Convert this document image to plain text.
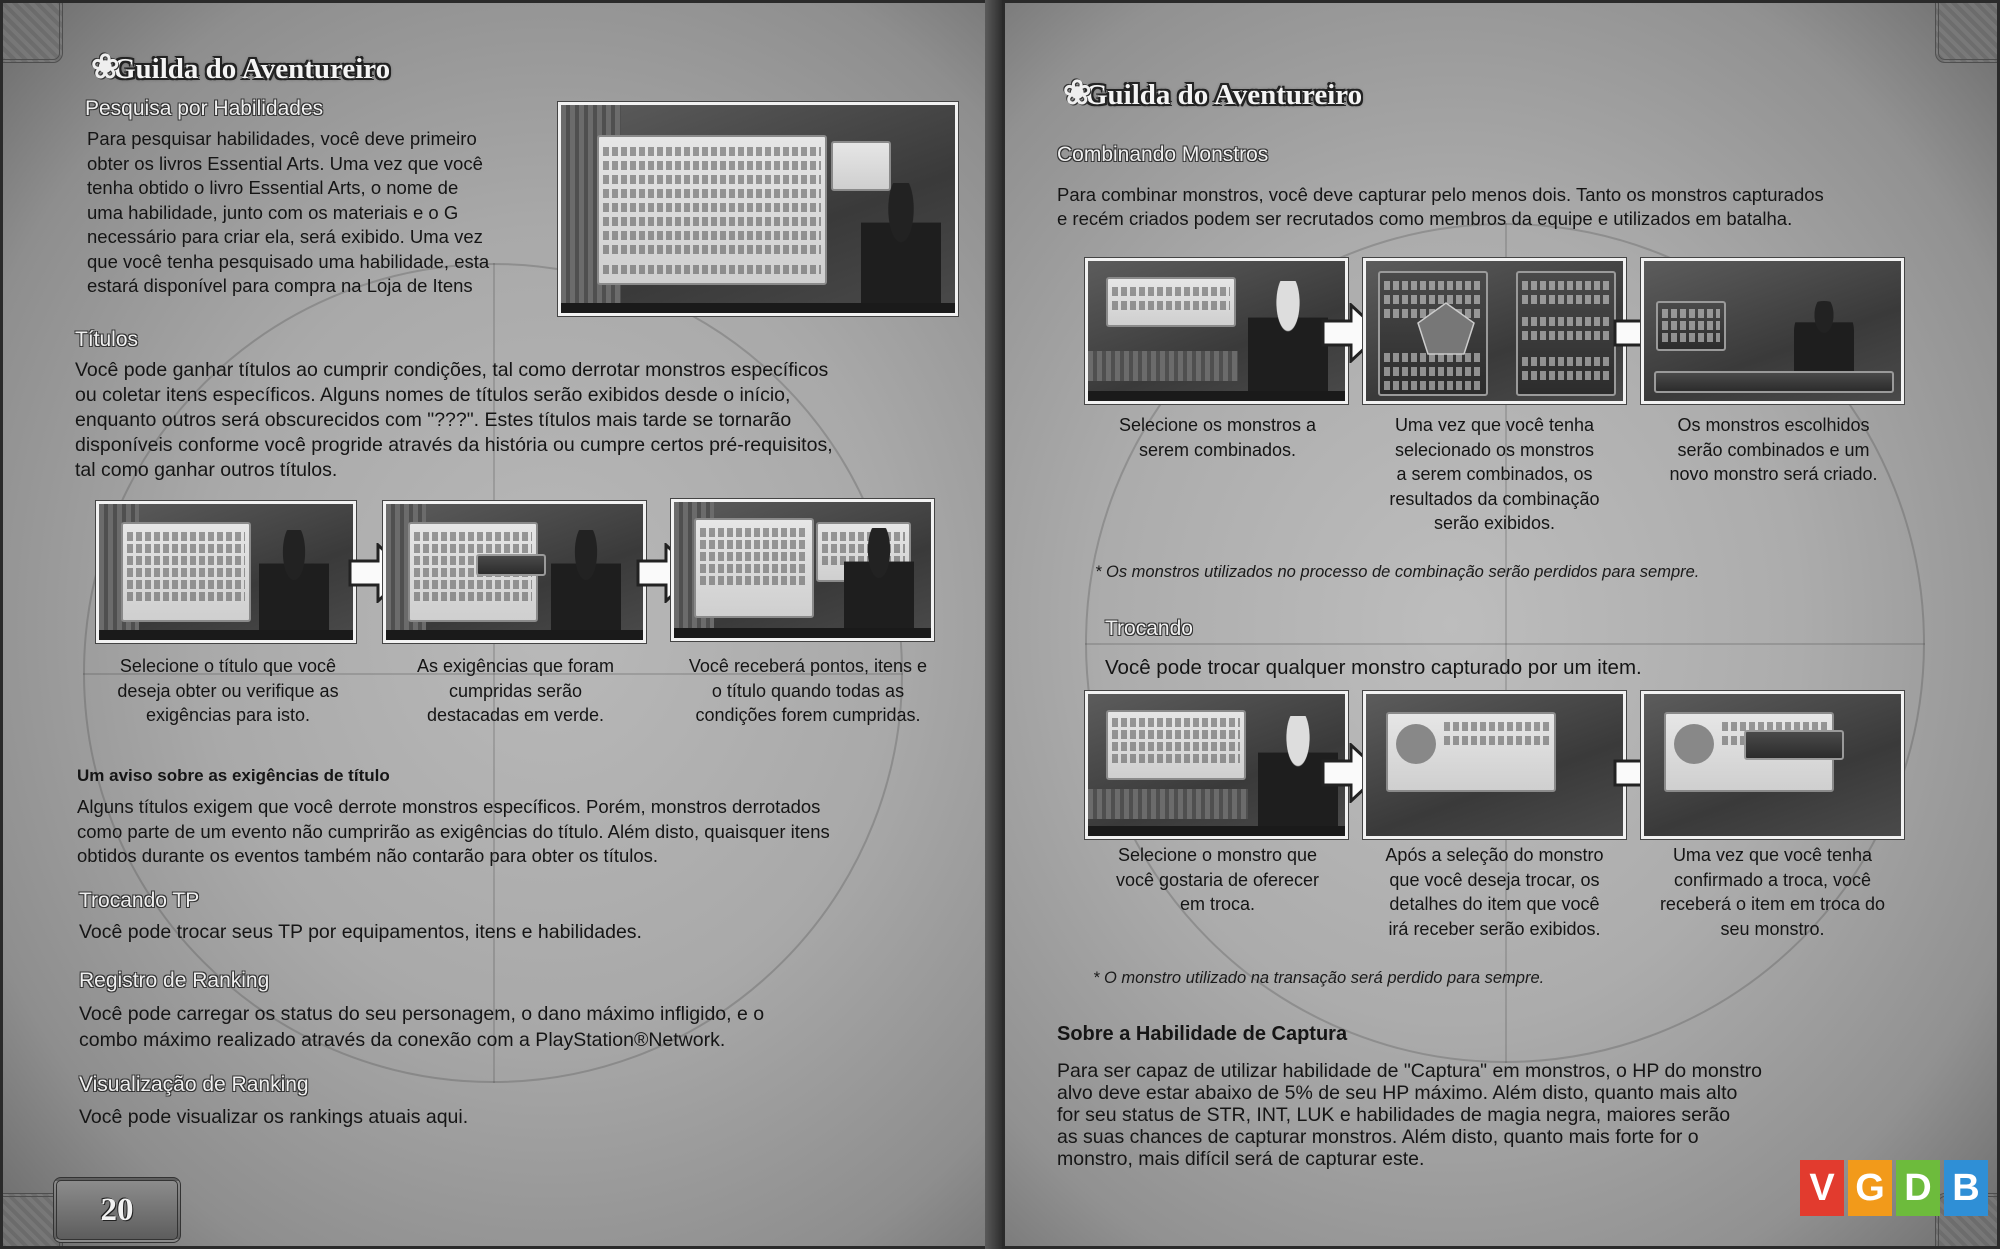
❀
Guilda do Aventureiro
Pesquisa por Habilidades
Para pesquisar habilidades, você deve primeiro
obter os livros Essential Arts. Uma vez que você
tenha obtido o livro Essential Arts, o nome de
uma habilidade, junto com os materiais e o G
necessário para criar ela, será exibido. Uma vez
que você tenha pesquisado uma habilidade, esta
estará disponível para compra na Loja de Itens
Títulos
Você pode ganhar títulos ao cumprir condições, tal como derrotar monstros específicos
ou coletar itens específicos. Alguns nomes de títulos serão exibidos desde o início,
enquanto outros será obscurecidos com "???". Estes títulos mais tarde se tornarão
disponíveis conforme você progride através da história ou cumpre certos pré-requisitos,
tal como ganhar outros títulos.
Selecione o título que você
deseja obter ou verifique as
exigências para isto.
As exigências que foram
cumpridas serão
destacadas em verde.
Você receberá pontos, itens e
o título quando todas as
condições forem cumpridas.
Um aviso sobre as exigências de título
Alguns títulos exigem que você derrote monstros específicos. Porém, monstros derrotados
como parte de um evento não cumprirão as exigências do título. Além disto, quaisquer itens
obtidos durante os eventos também não contarão para obter os títulos.
Trocando TP
Você pode trocar seus TP por equipamentos, itens e habilidades.
Registro de Ranking
Você pode carregar os status do seu personagem, o dano máximo infligido, e o
combo máximo realizado através da conexão com a PlayStation®Network.
Visualização de Ranking
Você pode visualizar os rankings atuais aqui.
20
❀
Guilda do Aventureiro
Combinando Monstros
Para combinar monstros, você deve capturar pelo menos dois. Tanto os monstros capturados
e recém criados podem ser recrutados como membros da equipe e utilizados em batalha.
Selecione os monstros a
serem combinados.
Uma vez que você tenha
selecionado os monstros
a serem combinados, os
resultados da combinação
serão exibidos.
Os monstros escolhidos
serão combinados e um
novo monstro será criado.
* Os monstros utilizados no processo de combinação serão perdidos para sempre.
Trocando
Você pode trocar qualquer monstro capturado por um item.
Selecione o monstro que
você gostaria de oferecer
em troca.
Após a seleção do monstro
que você deseja trocar, os
detalhes do item que você
irá receber serão exibidos.
Uma vez que você tenha
confirmado a troca, você
receberá o item em troca do
seu monstro.
* O monstro utilizado na transação será perdido para sempre.
Sobre a Habilidade de Captura
Para ser capaz de utilizar habilidade de "Captura" em monstros, o HP do monstro
alvo deve estar abaixo de 5% de seu HP máximo. Além disto, quanto mais alto
for seu status de STR, INT, LUK e habilidades de magia negra, maiores serão
as suas chances de capturar monstros. Além disto, quanto mais forte for o
monstro, mais difícil será de capturar este.
V G D B
